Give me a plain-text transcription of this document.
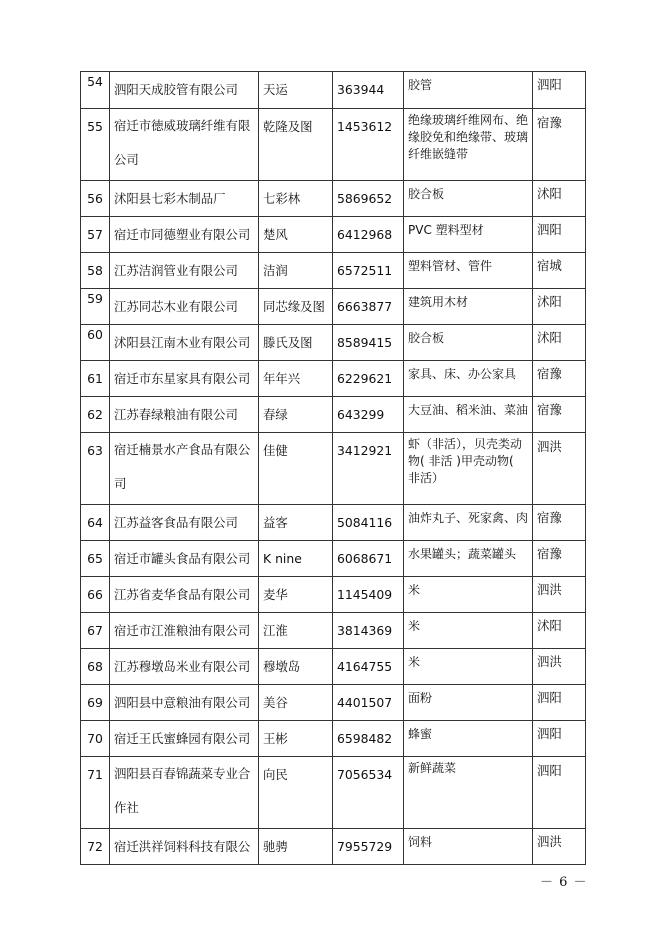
54	泗阳天成胶管有限公司	天运	363944	胶管	泗阳
55	宿迁市徳威玻璃纤维有限公司	乾隆及图	1453612	绝缘玻璃纤维网布、绝缘胶免和绝缘带、玻璃纤维嵌缝带	宿豫
56	沭阳县七彩木制品厂	七彩林	5869652	胶合板	沭阳
57	宿迁市同德塑业有限公司	楚风	6412968	PVC 塑料型材	泗阳
58	江苏洁润管业有限公司	洁润	6572511	塑料管材、管件	宿城
59	江苏同芯木业有限公司	同芯缘及图	6663877	建筑用木材	沭阳
60	沭阳县江南木业有限公司	滕氏及图	8589415	胶合板	沭阳
61	宿迁市东星家具有限公司	年年兴	6229621	家具、床、办公家具	宿豫
62	江苏春绿粮油有限公司	春绿	643299	大豆油、稻米油、菜油	宿豫
63	宿迁楠景水产食品有限公司	佳健	3412921	虾（非活），贝壳类动物( 非活 )甲壳动物( 非活）	泗洪
64	江苏益客食品有限公司	益客	5084116	油炸丸子、死家禽、肉	宿豫
65	宿迁市罐头食品有限公司	K nine	6068671	水果罐头；蔬菜罐头	宿豫
66	江苏省麦华食品有限公司	麦华	1145409	米	泗洪
67	宿迁市江淮粮油有限公司	江淮	3814369	米	沭阳
68	江苏穆墩岛米业有限公司	穆墩岛	4164755	米	泗洪
69	泗阳县中意粮油有限公司	美谷	4401507	面粉	泗阳
70	宿迁王氏蜜蜂园有限公司	王彬	6598482	蜂蜜	泗阳
71	泗阳县百春锦蔬菜专业合作社	向民	7056534	新鲜蔬菜	泗阳
72	宿迁洪祥饲料科技有限公	驰骋	7955729	饲料	泗洪
－ 6 －
